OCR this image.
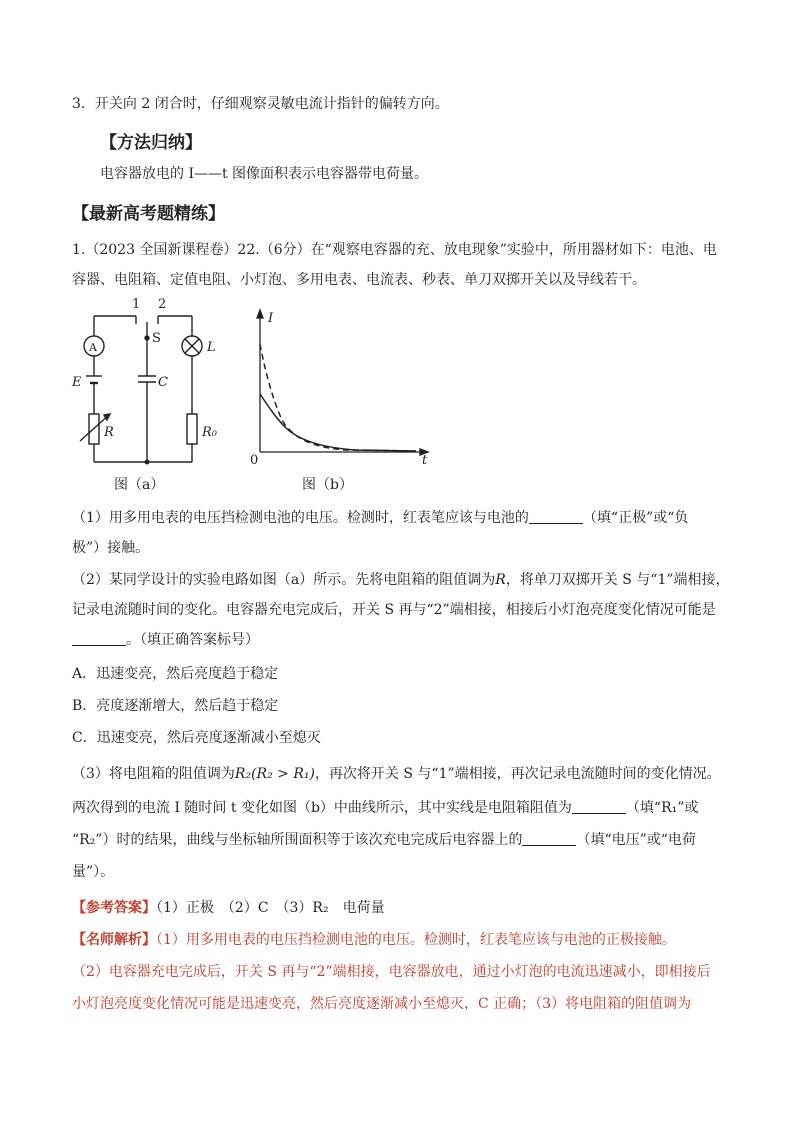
3．开关向 2 闭合时，仔细观察灵敏电流计指针的偏转方向。
【方法归纳】
电容器放电的 I——t 图像面积表示电容器带电荷量。
【最新高考题精练】
1.（2023 全国新课程卷）22.（6分）在“观察电容器的充、放电现象”实验中，所用器材如下：电池、电
容器、电阻箱、定值电阻、小灯泡、多用电表、电流表、秒表、单刀双掷开关以及导线若干。
1 2
S
L
A
E	C
R	R₀
I
t
0
图（a）	图（b）
（1）用多用电表的电压挡检测电池的电压。检测时，红表笔应该与电池的	（填“正极”或“负
极”）接触。
（2）某同学设计的实验电路如图（a）所示。先将电阻箱的阻值调为R，将单刀双掷开关 S 与“1”端相接，
记录电流随时间的变化。电容器充电完成后，开关 S 再与“2”端相接，相接后小灯泡亮度变化情况可能是
。（填正确答案标号）
A．迅速变亮，然后亮度趋于稳定
B．亮度逐渐增大，然后趋于稳定
C．迅速变亮，然后亮度逐渐减小至熄灭
（3）将电阻箱的阻值调为R₂(R₂ > R₁)，再次将开关 S 与“1”端相接，再次记录电流随时间的变化情况。
两次得到的电流 I 随时间 t 变化如图（b）中曲线所示，其中实线是电阻箱阻值为	（填“R₁”或
“R₂”）时的结果，曲线与坐标轴所围面积等于该次充电完成后电容器上的	（填“电压”或“电荷
量”）。
【参考答案】（1）正极　（2）C　（3）R₂　电荷量
【名师解析】（1）用多用电表的电压挡检测电池的电压。检测时，红表笔应该与电池的正极接触。
（2）电容器充电完成后，开关 S 再与“2”端相接，电容器放电，通过小灯泡的电流迅速减小，即相接后
小灯泡亮度变化情况可能是迅速变亮，然后亮度逐渐减小至熄灭，C 正确；（3）将电阻箱的阻值调为
